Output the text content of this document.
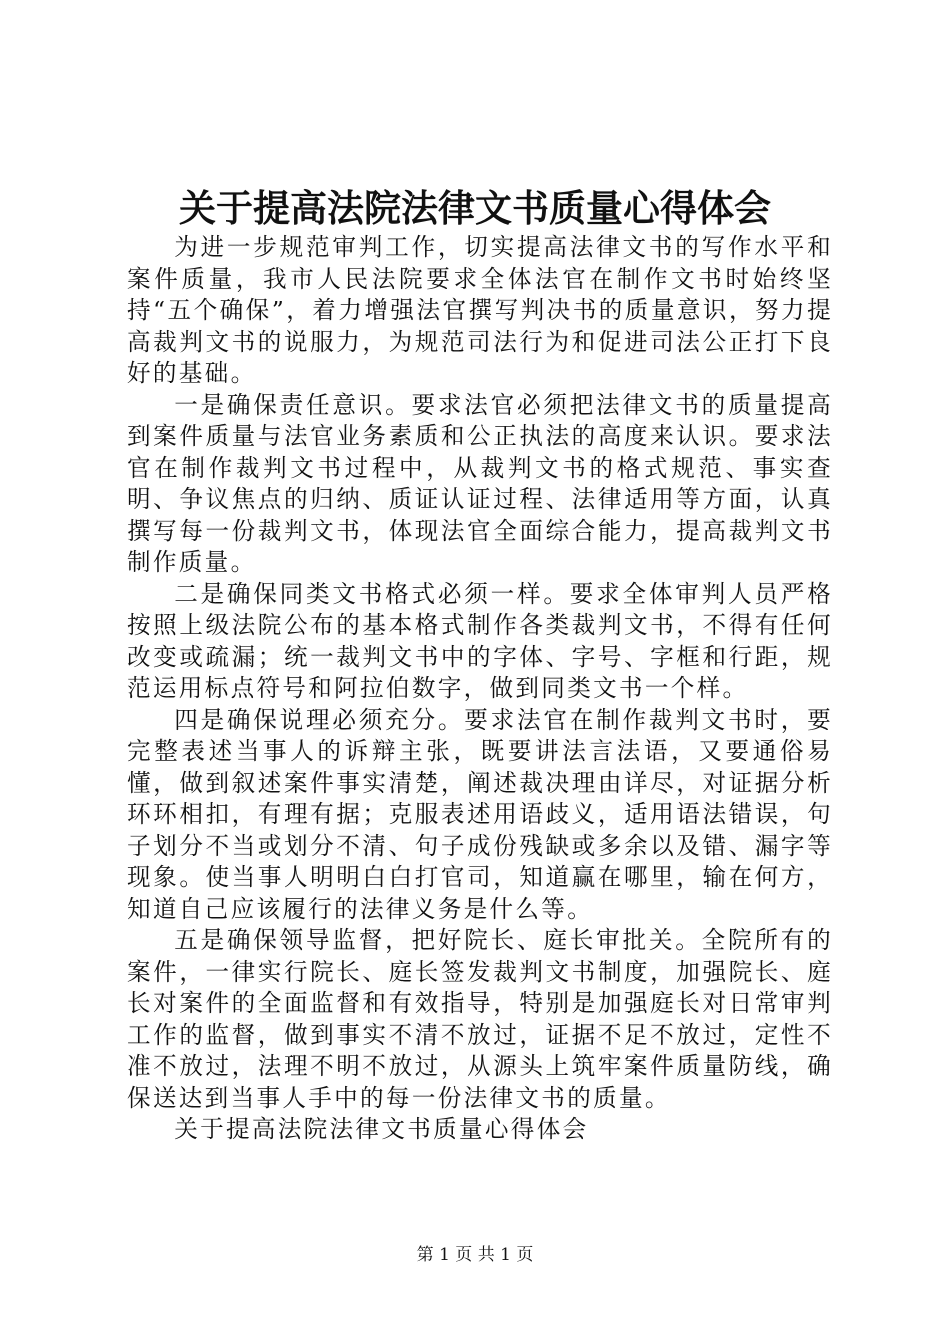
关于提高法院法律文书质量心得体会

为进一步规范审判工作，切实提高法律文书的写作水平和案件质量，我市人民法院要求全体法官在制作文书时始终坚持“五个确保”，着力增强法官撰写判决书的质量意识，努力提高裁判文书的说服力，为规范司法行为和促进司法公正打下良好的基础。

一是确保责任意识。要求法官必须把法律文书的质量提高到案件质量与法官业务素质和公正执法的高度来认识。要求法官在制作裁判文书过程中，从裁判文书的格式规范、事实查明、争议焦点的归纳、质证认证过程、法律适用等方面，认真撰写每一份裁判文书，体现法官全面综合能力，提高裁判文书制作质量。

二是确保同类文书格式必须一样。要求全体审判人员严格按照上级法院公布的基本格式制作各类裁判文书，不得有任何改变或疏漏；统一裁判文书中的字体、字号、字框和行距，规范运用标点符号和阿拉伯数字，做到同类文书一个样。

四是确保说理必须充分。要求法官在制作裁判文书时，要完整表述当事人的诉辩主张，既要讲法言法语，又要通俗易懂，做到叙述案件事实清楚，阐述裁决理由详尽，对证据分析环环相扣，有理有据；克服表述用语歧义，适用语法错误，句子划分不当或划分不清、句子成份残缺或多余以及错、漏字等现象。使当事人明明白白打官司，知道赢在哪里，输在何方，知道自己应该履行的法律义务是什么等。

五是确保领导监督，把好院长、庭长审批关。全院所有的案件，一律实行院长、庭长签发裁判文书制度，加强院长、庭长对案件的全面监督和有效指导，特别是加强庭长对日常审判工作的监督，做到事实不清不放过，证据不足不放过，定性不准不放过，法理不明不放过，从源头上筑牢案件质量防线，确保送达到当事人手中的每一份法律文书的质量。

关于提高法院法律文书质量心得体会

第 1 页 共 1 页
